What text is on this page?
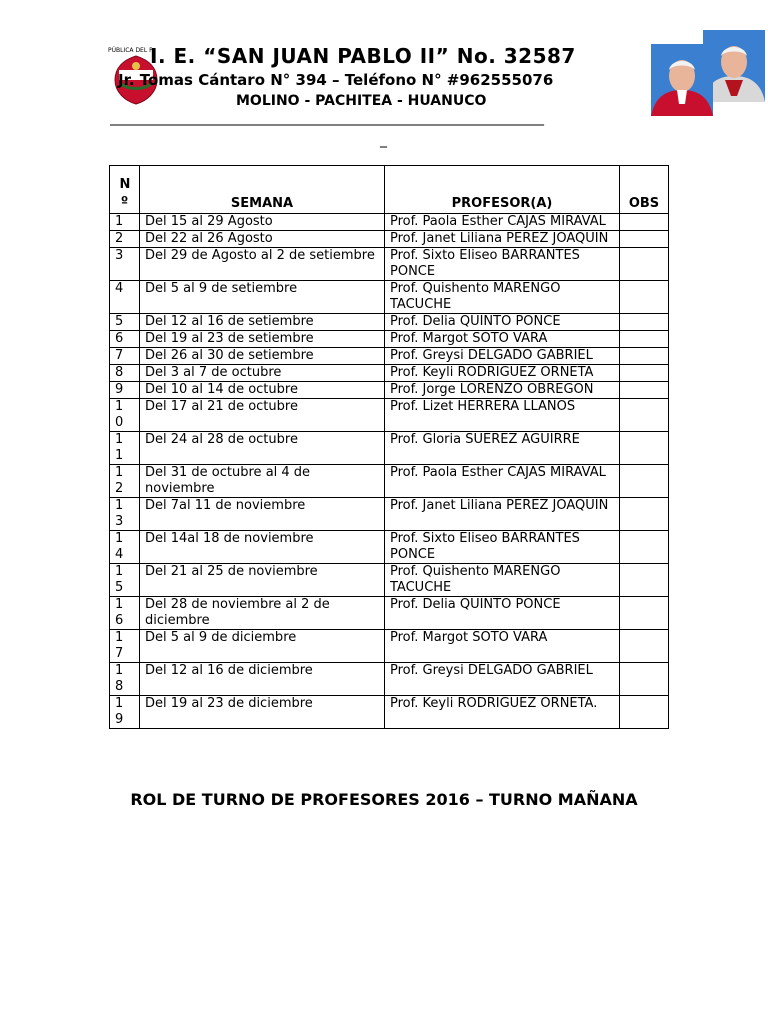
PÚBLICA DEL P
I. E. “SAN JUAN PABLO II” No. 32587
Jr. Tomas Cántaro N° 394 – Teléfono N° #962555076
MOLINO - PACHITEA - HUANUCO
______________________________________________________________
_
Nº	SEMANA	PROFESOR(A)	OBS

1	Del 15 al 29 Agosto	Prof. Paola Esther CAJAS MIRAVAL	

2	Del 22 al 26 Agosto	Prof. Janet Liliana PEREZ JOAQUIN	

3	Del 29 de Agosto al 2 de setiembre	Prof. Sixto Eliseo BARRANTES PONCE	

4	Del 5 al 9 de setiembre	Prof. Quishento MARENGO TACUCHE	

5	Del 12 al 16 de setiembre	Prof. Delia QUINTO PONCE	

6	Del 19 al 23 de setiembre	Prof. Margot SOTO VARA	

7	Del 26 al 30 de setiembre	Prof. Greysi DELGADO GABRIEL	

8	Del 3 al 7 de octubre	Prof. Keyli RODRIGUEZ ORNETA	

9	Del 10 al 14 de octubre	Prof. Jorge LORENZO OBREGON	

10	Del 17 al 21 de octubre	Prof. Lizet HERRERA LLANOS	

11	Del 24 al 28 de octubre	Prof. Gloria SUEREZ AGUIRRE	

12	Del 31 de octubre al 4 de noviembre	Prof. Paola Esther CAJAS MIRAVAL	

13	Del 7al 11 de noviembre	Prof. Janet Liliana PEREZ JOAQUIN	

14	Del 14al 18 de noviembre	Prof. Sixto Eliseo BARRANTES PONCE	

15	Del 21 al 25 de noviembre	Prof. Quishento MARENGO TACUCHE	

16	Del 28 de noviembre al 2 de diciembre	Prof. Delia QUINTO PONCE	

17	Del 5 al 9 de diciembre	Prof. Margot SOTO VARA	

18	Del 12 al 16 de diciembre	Prof. Greysi DELGADO GABRIEL	

19	Del 19 al 23 de diciembre	Prof. Keyli RODRIGUEZ ORNETA.	
ROL DE TURNO DE PROFESORES 2016 – TURNO MAÑANA
